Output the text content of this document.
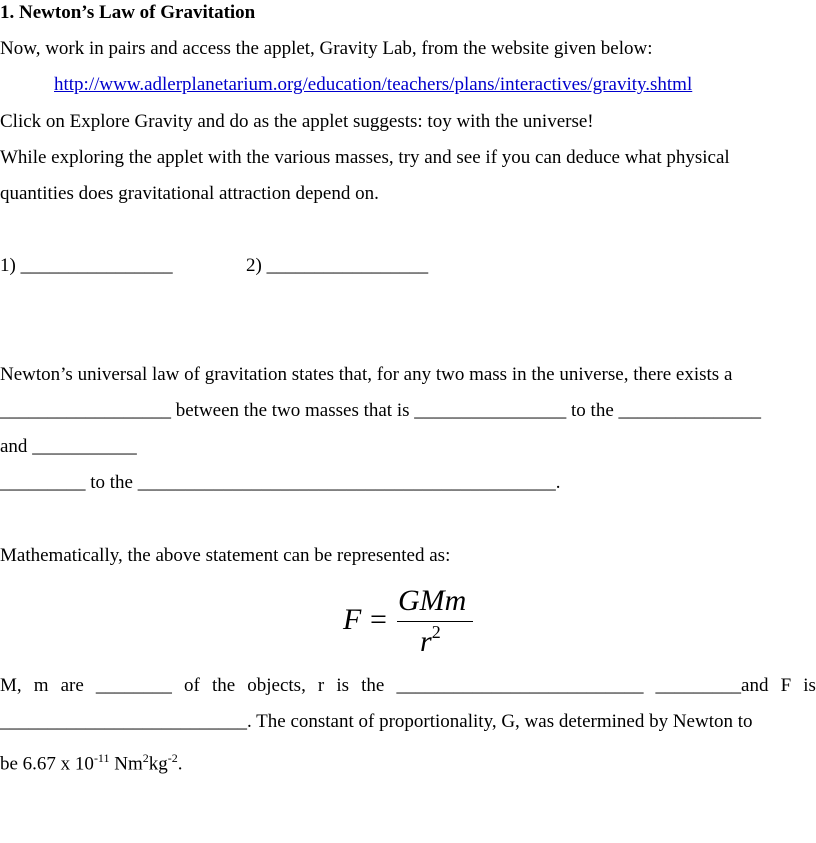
1. Newton’s Law of Gravitation
Now, work in pairs and access the applet, Gravity Lab, from the website given below:
http://www.adlerplanetarium.org/education/teachers/plans/interactives/gravity.shtml
Click on Explore Gravity and do as the applet suggests: toy with the universe!
While exploring the applet with the various masses, try and see if you can deduce what physical
quantities does gravitational attraction depend on.
1) ________________	2) _________________
Newton’s universal law of gravitation states that, for any two mass in the universe, there exists a
__________________ between the two masses that is ________________ to the _______________
and ___________
_________ to the ____________________________________________.
Mathematically, the above statement can be represented as:
F =
GMm
$r^2$
M, m are ________ of the objects, r is the __________________________ _________and F is
__________________________. The constant of proportionality, G, was determined by Newton to
be 6.67 x $10^{-11}$ $Nm^2kg^{-2}$.
